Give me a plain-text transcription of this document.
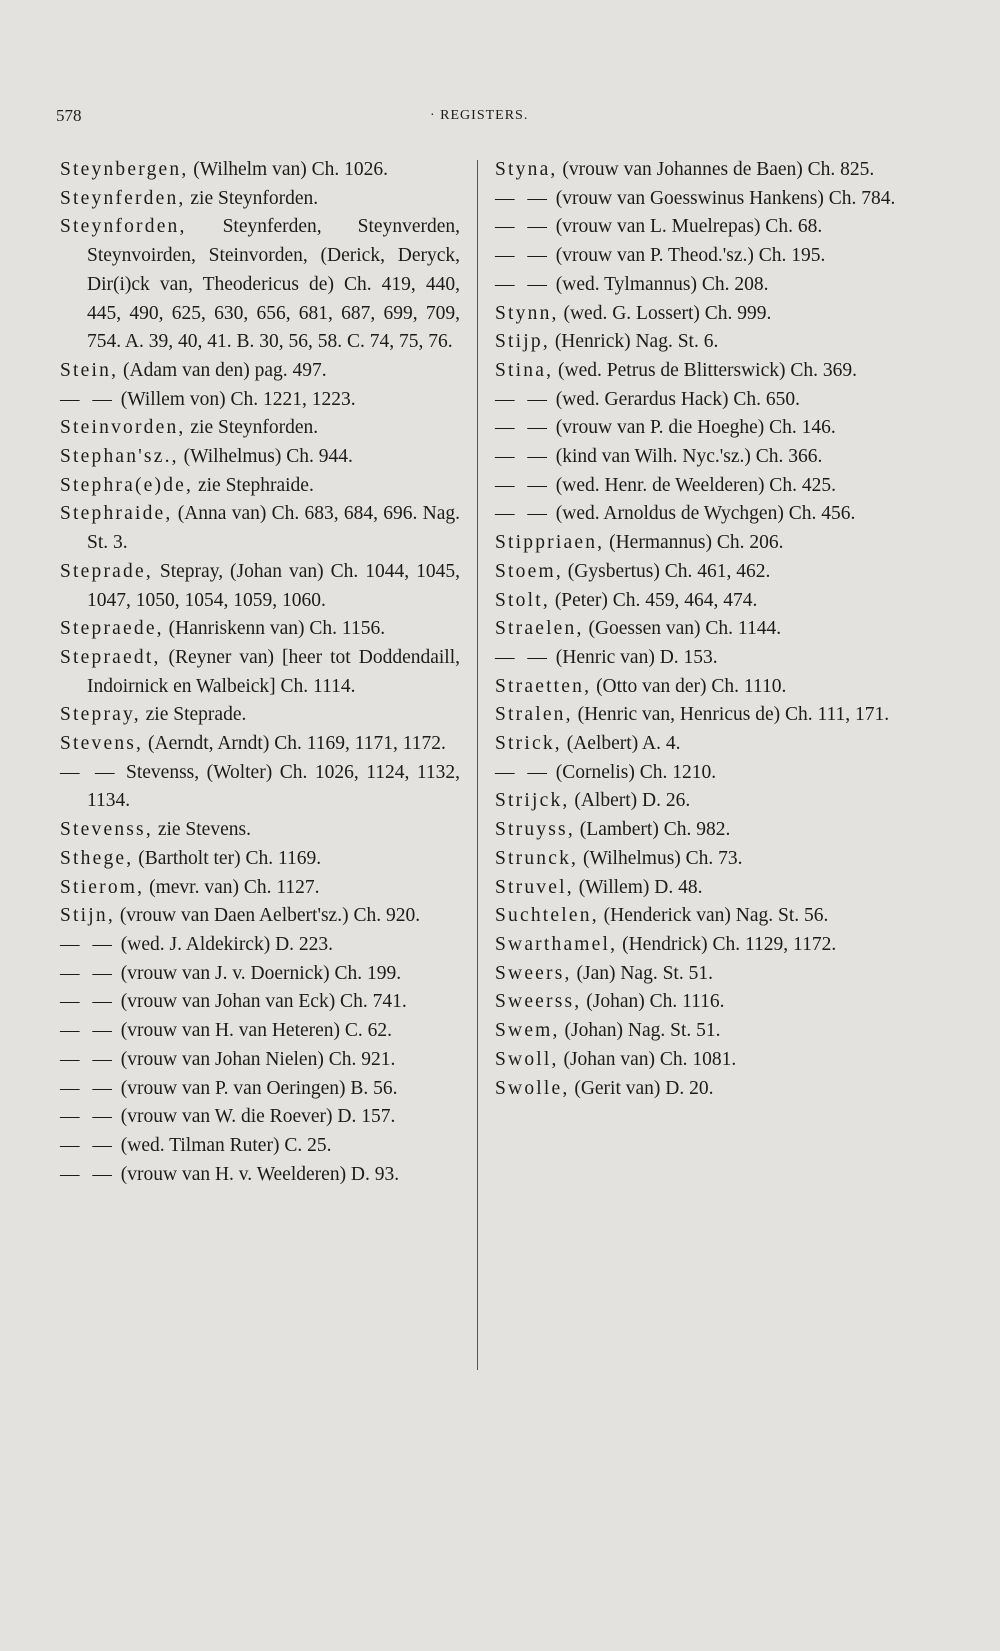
578	· REGISTERS.
Steynbergen, (Wilhelm van) Ch. 1026.
Steynferden, zie Steynforden.
Steynforden, Steynferden, Steynverden, Steynvoirden, Steinvorden, (Derick, Deryck, Dir(i)ck van, Theodericus de) Ch. 419, 440, 445, 490, 625, 630, 656, 681, 687, 699, 709, 754. A. 39, 40, 41. B. 30, 56, 58. C. 74, 75, 76.
Stein, (Adam van den) pag. 497.
— — (Willem von) Ch. 1221, 1223.
Steinvorden, zie Steynforden.
Stephan'sz., (Wilhelmus) Ch. 944.
Stephra(e)de, zie Stephraide.
Stephraide, (Anna van) Ch. 683, 684, 696. Nag. St. 3.
Steprade, Stepray, (Johan van) Ch. 1044, 1045, 1047, 1050, 1054, 1059, 1060.
Stepraede, (Hanriskenn van) Ch. 1156.
Stepraedt, (Reyner van) [heer tot Doddendaill, Indoirnick en Walbeick] Ch. 1114.
Stepray, zie Steprade.
Stevens, (Aerndt, Arndt) Ch. 1169, 1171, 1172.
— — Stevenss, (Wolter) Ch. 1026, 1124, 1132, 1134.
Stevenss, zie Stevens.
Sthege, (Bartholt ter) Ch. 1169.
Stierom, (mevr. van) Ch. 1127.
Stijn, (vrouw van Daen Aelbert'sz.) Ch. 920.
— — (wed. J. Aldekirck) D. 223.
— — (vrouw van J. v. Doernick) Ch. 199.
— — (vrouw van Johan van Eck) Ch. 741.
— — (vrouw van H. van Heteren) C. 62.
— — (vrouw van Johan Nielen) Ch. 921.
— — (vrouw van P. van Oeringen) B. 56.
— — (vrouw van W. die Roever) D. 157.
— — (wed. Tilman Ruter) C. 25.
— — (vrouw van H. v. Weelderen) D. 93.
Styna, (vrouw van Johannes de Baen) Ch. 825.
— — (vrouw van Goesswinus Hankens) Ch. 784.
— — (vrouw van L. Muelrepas) Ch. 68.
— — (vrouw van P. Theod.'sz.) Ch. 195.
— — (wed. Tylmannus) Ch. 208.
Stynn, (wed. G. Lossert) Ch. 999.
Stijp, (Henrick) Nag. St. 6.
Stina, (wed. Petrus de Blitterswick) Ch. 369.
— — (wed. Gerardus Hack) Ch. 650.
— — (vrouw van P. die Hoeghe) Ch. 146.
— — (kind van Wilh. Nyc.'sz.) Ch. 366.
— — (wed. Henr. de Weelderen) Ch. 425.
— — (wed. Arnoldus de Wychgen) Ch. 456.
Stippriaen, (Hermannus) Ch. 206.
Stoem, (Gysbertus) Ch. 461, 462.
Stolt, (Peter) Ch. 459, 464, 474.
Straelen, (Goessen van) Ch. 1144.
— — (Henric van) D. 153.
Straetten, (Otto van der) Ch. 1110.
Stralen, (Henric van, Henricus de) Ch. 111, 171.
Strick, (Aelbert) A. 4.
— — (Cornelis) Ch. 1210.
Strijck, (Albert) D. 26.
Struyss, (Lambert) Ch. 982.
Strunck, (Wilhelmus) Ch. 73.
Struvel, (Willem) D. 48.
Suchtelen, (Henderick van) Nag. St. 56.
Swarthamel, (Hendrick) Ch. 1129, 1172.
Sweers, (Jan) Nag. St. 51.
Sweerss, (Johan) Ch. 1116.
Swem, (Johan) Nag. St. 51.
Swoll, (Johan van) Ch. 1081.
Swolle, (Gerit van) D. 20.
